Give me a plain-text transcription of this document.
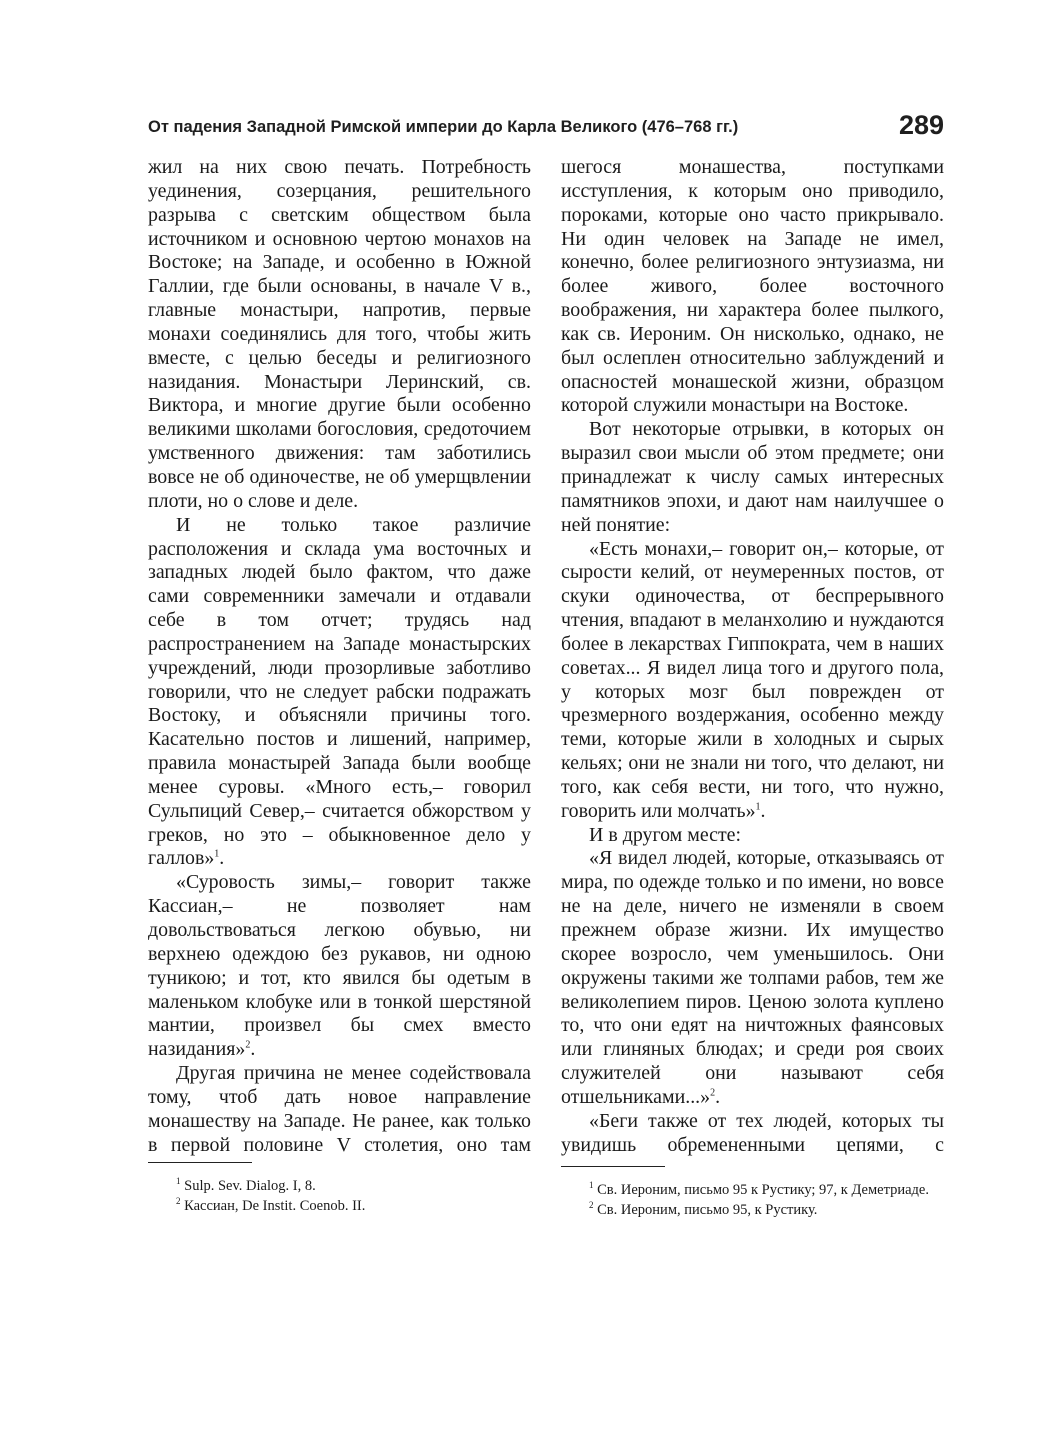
От падения Западной Римской империи до Карла Великого (476–768 гг.)	289

жил на них свою печать. Потребность уединения, созерцания, решительного разрыва с светским обществом была источником и основною чертою монахов на Востоке; на Западе, и особенно в Южной Галлии, где были основаны, в начале V в., главные монастыри, напротив, первые монахи соединялись для того, чтобы жить вместе, с целью беседы и религиозного назидания. Монастыри Леринский, св. Виктора, и многие другие были особенно великими школами богословия, средоточием умственного движения: там заботились вовсе не об одиночестве, не об умерщвлении плоти, но о слове и деле.

И не только такое различие расположения и склада ума восточных и западных людей было фактом, что даже сами современники замечали и отдавали себе в том отчет; трудясь над распространением на Западе монастырских учреждений, люди прозорливые заботливо говорили, что не следует рабски подражать Востоку, и объясняли причины того. Касательно постов и лишений, например, правила монастырей Запада были вообще менее суровы. «Много есть,– говорил Сульпиций Север,– считается обжорством у греков, но это – обыкновенное дело у галлов»$^1$.

«Суровость зимы,– говорит также Кассиан,– не позволяет нам довольствоваться легкою обувью, ни верхнею одеждою без рукавов, ни одною туникою; и тот, кто явился бы одетым в маленьком клобуке или в тонкой шерстяной мантии, произвел бы смех вместо назидания»$^2$.

Другая причина не менее содействовала тому, чтоб дать новое направление монашеству на Западе. Не ранее, как только в первой половине V столетия, оно там

шегося монашества, поступками исступления, к которым оно приводило, пороками, которые оно часто прикрывало. Ни один человек на Западе не имел, конечно, более религиозного энтузиазма, ни более живого, более восточного воображения, ни характера более пылкого, как св. Иероним. Он нисколько, однако, не был ослеплен относительно заблуждений и опасностей монашеской жизни, образцом которой служили монастыри на Востоке.

Вот некоторые отрывки, в которых он выразил свои мысли об этом предмете; они принадлежат к числу самых интересных памятников эпохи, и дают нам наилучшее о ней понятие:

«Есть монахи,– говорит он,– которые, от сырости келий, от неумеренных постов, от скуки одиночества, от беспрерывного чтения, впадают в меланхолию и нуждаются более в лекарствах Гиппократа, чем в наших советах... Я видел лица того и другого пола, у которых мозг был поврежден от чрезмерного воздержания, особенно между теми, которые жили в холодных и сырых кельях; они не знали ни того, что делают, ни того, как себя вести, ни того, что нужно, говорить или молчать»$^1$.

И в другом месте:

«Я видел людей, которые, отказываясь от мира, по одежде только и по имени, но вовсе не на деле, ничего не изменяли в своем прежнем образе жизни. Их имущество скорее возросло, чем уменьшилось. Они окружены такими же толпами рабов, тем же великолепием пиров. Ценою золота куплено то, что они едят на ничтожных фаянсовых или глиняных блюдах; и среди роя своих служителей они называют себя отшельниками...»$^2$.

«Беги также от тех людей, которых ты увидишь обремененными цепями, с

$^1$ Sulp. Sev. Dialog. I, 8.

$^2$ Кассиан, De Instit. Coenob. II.

$^1$ Св. Иероним, письмо 95 к Рустику; 97, к Деметриаде.

$^2$ Св. Иероним, письмо 95, к Рустику.
